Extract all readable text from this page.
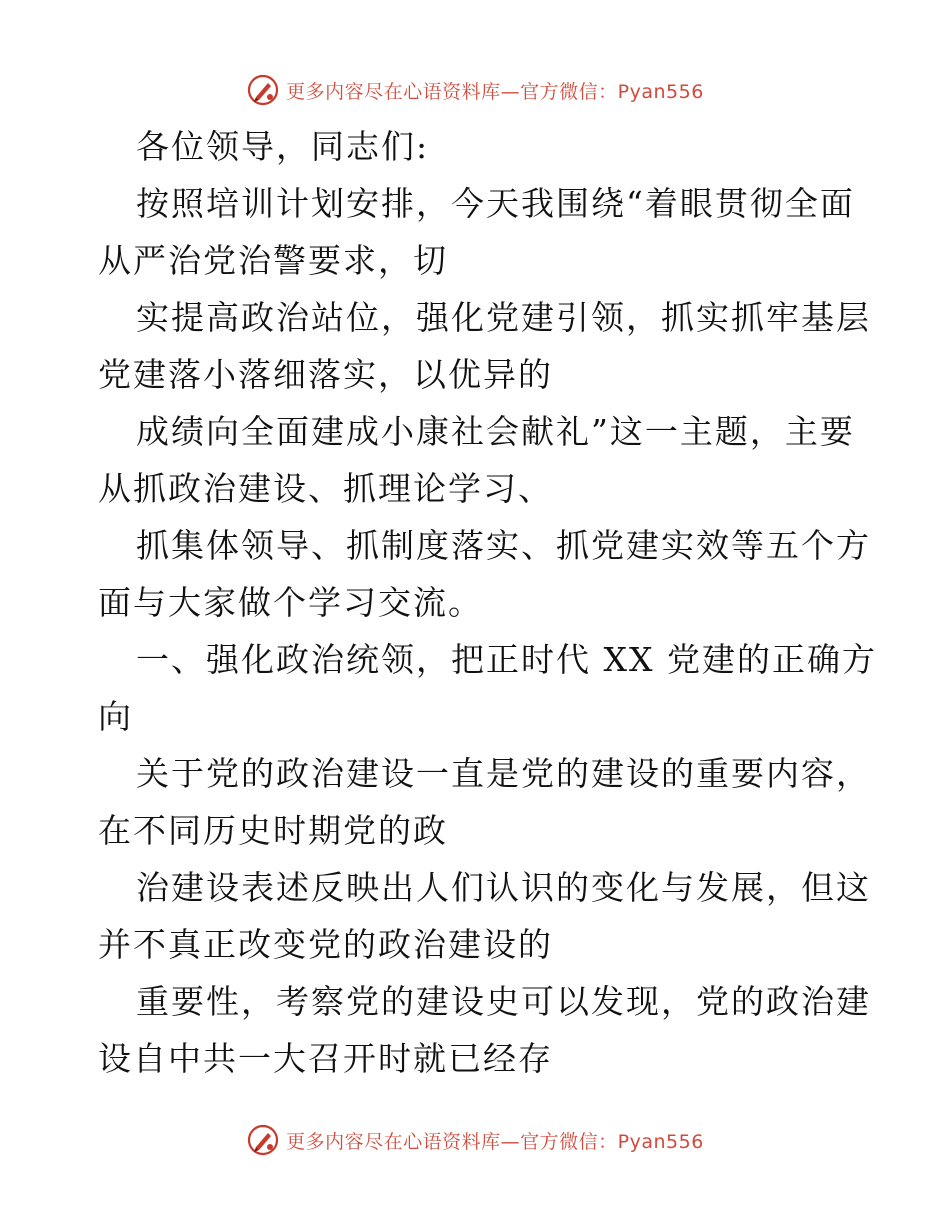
更多内容尽在心语资料库—官方微信：Pyan556
各位领导，同志们:
按照培训计划安排，今天我围绕“着眼贯彻全面
从严治党治警要求，切
实提高政治站位，强化党建引领，抓实抓牢基层
党建落小落细落实，以优异的
成绩向全面建成小康社会献礼”这一主题，主要
从抓政治建设、抓理论学习、
抓集体领导、抓制度落实、抓党建实效等五个方
面与大家做个学习交流。
一、强化政治统领，把正时代 XX 党建的正确方
向
关于党的政治建设一直是党的建设的重要内容，
在不同历史时期党的政
治建设表述反映出人们认识的变化与发展，但这
并不真正改变党的政治建设的
重要性，考察党的建设史可以发现，党的政治建
设自中共一大召开时就已经存
更多内容尽在心语资料库—官方微信：Pyan556
